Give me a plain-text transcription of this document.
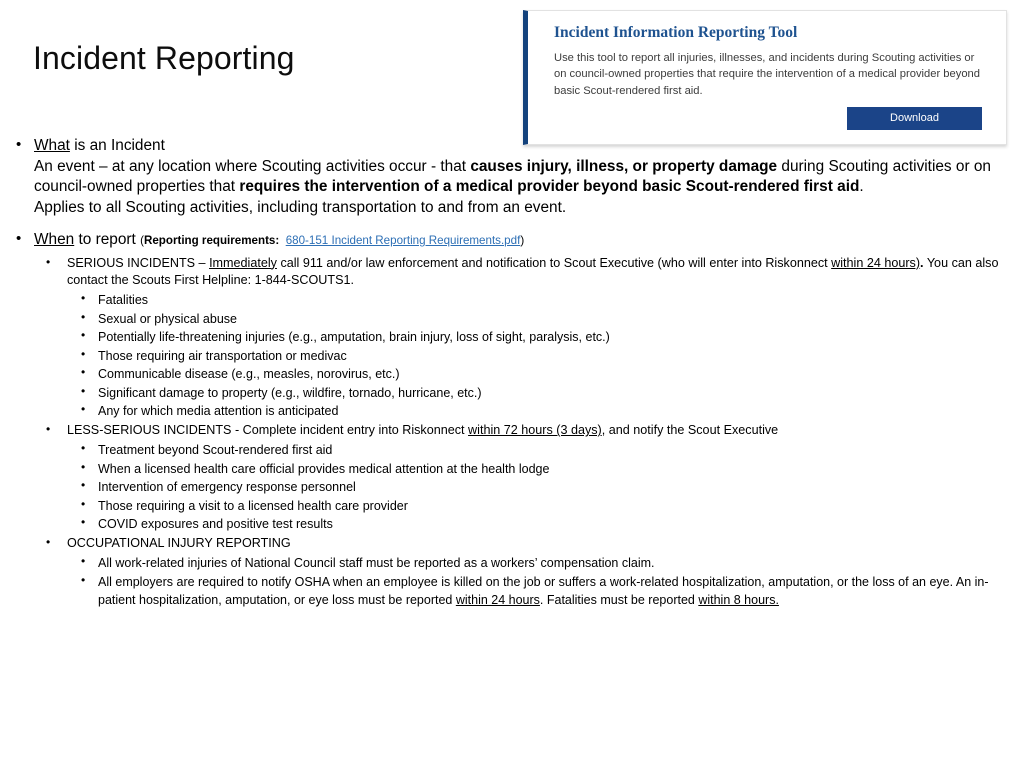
Incident Reporting
Incident Information Reporting Tool
Use this tool to report all injuries, illnesses, and incidents during Scouting activities or on council-owned properties that require the intervention of a medical provider beyond basic Scout-rendered first aid.
Download
• What is an Incident
An event – at any location where Scouting activities occur - that causes injury, illness, or property damage during Scouting activities or on council-owned properties that requires the intervention of a medical provider beyond basic Scout-rendered first aid.
Applies to all Scouting activities, including transportation to and from an event.
• When to report (Reporting requirements: 680-151 Incident Reporting Requirements.pdf)
• SERIOUS INCIDENTS – Immediately call 911 and/or law enforcement and notification to Scout Executive (who will enter into Riskonnect within 24 hours). You can also contact the Scouts First Helpline: 1-844-SCOUTS1.
• Fatalities
• Sexual or physical abuse
• Potentially life-threatening injuries (e.g., amputation, brain injury, loss of sight, paralysis, etc.)
• Those requiring air transportation or medivac
• Communicable disease (e.g., measles, norovirus, etc.)
• Significant damage to property (e.g., wildfire, tornado, hurricane, etc.)
• Any for which media attention is anticipated
• LESS-SERIOUS INCIDENTS - Complete incident entry into Riskonnect within 72 hours (3 days), and notify the Scout Executive
• Treatment beyond Scout-rendered first aid
• When a licensed health care official provides medical attention at the health lodge
• Intervention of emergency response personnel
• Those requiring a visit to a licensed health care provider
• COVID exposures and positive test results
• OCCUPATIONAL INJURY REPORTING
• All work-related injuries of National Council staff must be reported as a workers’ compensation claim.
• All employers are required to notify OSHA when an employee is killed on the job or suffers a work-related hospitalization, amputation, or the loss of an eye. An in-patient hospitalization, amputation, or eye loss must be reported within 24 hours. Fatalities must be reported within 8 hours.
